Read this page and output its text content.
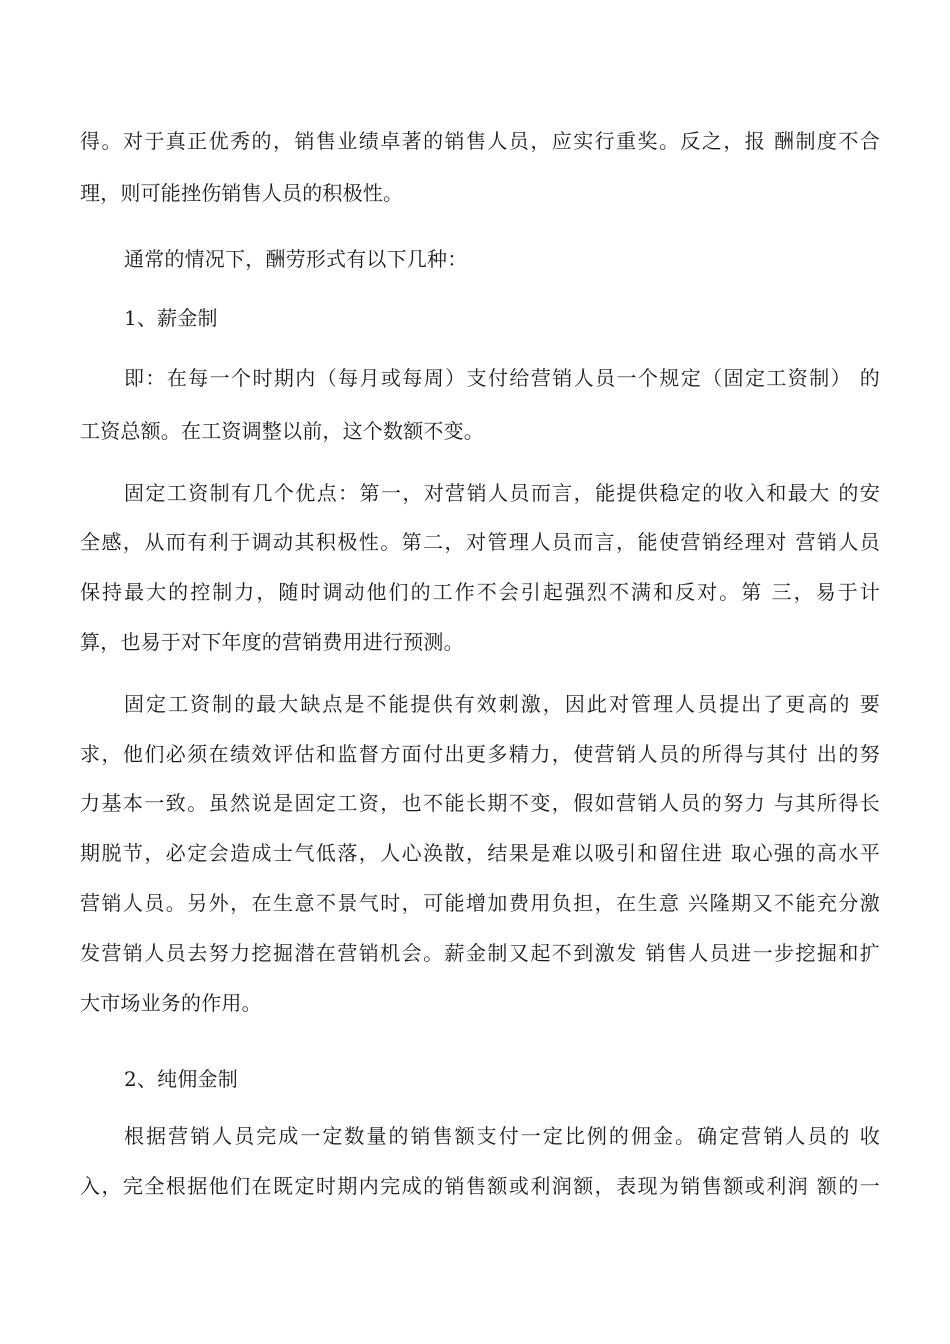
得。对于真正优秀的，销售业绩卓著的销售人员，应实行重奖。反之，报 酬制度不合
理，则可能挫伤销售人员的积极性。
通常的情况下，酬劳形式有以下几种：
1、薪金制
即：在每一个时期内（每月或每周）支付给营销人员一个规定（固定工资制） 的
工资总额。在工资调整以前，这个数额不变。
固定工资制有几个优点：第一，对营销人员而言，能提供稳定的收入和最大 的安
全感，从而有利于调动其积极性。第二，对管理人员而言，能使营销经理对 营销人员
保持最大的控制力，随时调动他们的工作不会引起强烈不满和反对。第 三，易于计
算，也易于对下年度的营销费用进行预测。
固定工资制的最大缺点是不能提供有效刺激，因此对管理人员提出了更高的 要
求，他们必须在绩效评估和监督方面付出更多精力，使营销人员的所得与其付 出的努
力基本一致。虽然说是固定工资，也不能长期不变，假如营销人员的努力 与其所得长
期脱节，必定会造成士气低落，人心涣散，结果是难以吸引和留住进 取心强的高水平
营销人员。另外，在生意不景气时，可能增加费用负担，在生意 兴隆期又不能充分激
发营销人员去努力挖掘潜在营销机会。薪金制又起不到激发 销售人员进一步挖掘和扩
大市场业务的作用。
2、纯佣金制
根据营销人员完成一定数量的销售额支付一定比例的佣金。确定营销人员的 收
入，完全根据他们在既定时期内完成的销售额或利润额，表现为销售额或利润 额的一
